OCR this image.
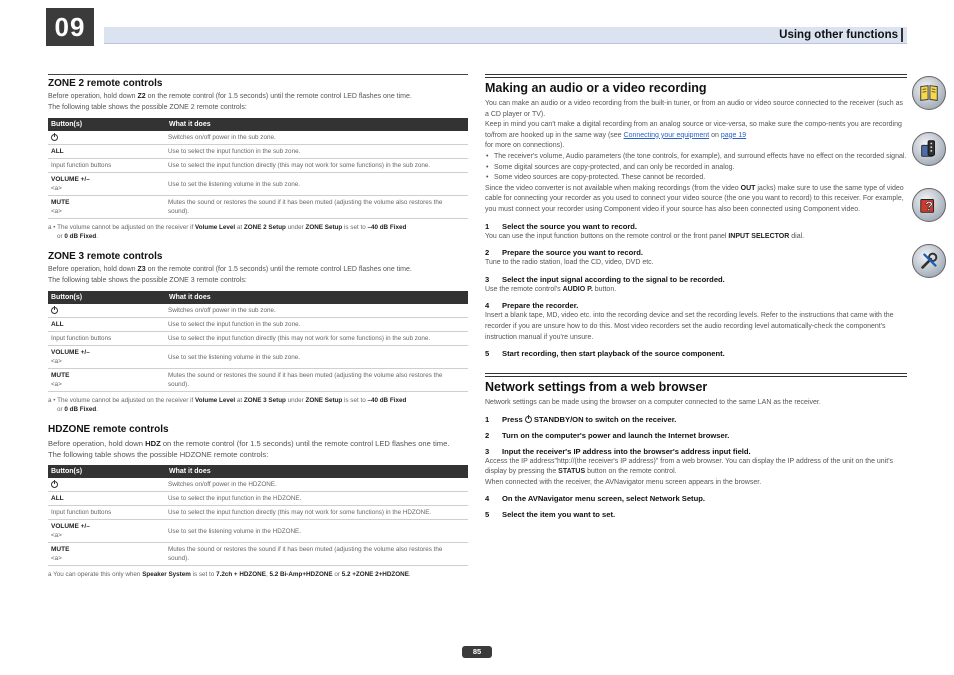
09	Using other functions
ZONE 2 remote controls
Before operation, hold down Z2 on the remote control (for 1.5 seconds) until the remote control LED flashes one time.
The following table shows the possible ZONE 2 remote controls:
Button(s)	What it does
	Switches on/off power in the sub zone.
ALL	Use to select the input function in the sub zone.
Input function buttons	Use to select the input function directly (this may not work for some functions) in the sub zone.
VOLUME +/–
<a>	Use to set the listening volume in the sub zone.
MUTE
<a>	Mutes the sound or restores the sound if it has been muted (adjusting the volume also restores the sound).
a • The volume cannot be adjusted on the receiver if Volume Level at ZONE 2 Setup under ZONE Setup is set to –40 dB Fixed
or 0 dB Fixed.
ZONE 3 remote controls
Before operation, hold down Z3 on the remote control (for 1.5 seconds) until the remote control LED flashes one time.
The following table shows the possible ZONE 3 remote controls:
Button(s)	What it does
	Switches on/off power in the sub zone.
ALL	Use to select the input function in the sub zone.
Input function buttons	Use to select the input function directly (this may not work for some functions) in the sub zone.
VOLUME +/–
<a>	Use to set the listening volume in the sub zone.
MUTE
<a>	Mutes the sound or restores the sound if it has been muted (adjusting the volume also restores the sound).
a • The volume cannot be adjusted on the receiver if Volume Level at ZONE 3 Setup under ZONE Setup is set to –40 dB Fixed
or 0 dB Fixed.
HDZONE remote controls
Before operation, hold down HDZ on the remote control (for 1.5 seconds) until the remote control LED flashes one time.
The following table shows the possible HDZONE remote controls:
Button(s)	What it does
	Switches on/off power in the HDZONE.
ALL	Use to select the input function in the HDZONE.
Input function buttons	Use to select the input function directly (this may not work for some functions) in the HDZONE.
VOLUME +/–
<a>	Use to set the listening volume in the HDZONE.
MUTE
<a>	Mutes the sound or restores the sound if it has been muted (adjusting the volume also restores the sound).
a You can operate this only when Speaker System is set to 7.2ch + HDZONE, 5.2 Bi-Amp+HDZONE or 5.2 +ZONE 2+HDZONE.
Making an audio or a video recording
You can make an audio or a video recording from the built-in tuner, or from an audio or video source connected to the receiver (such as a CD player or TV).
Keep in mind you can't make a digital recording from an analog source or vice-versa, so make sure the compo-nents you are recording to/from are hooked up in the same way (see Connecting your equipment on page 19
for more on connections).
• The receiver's volume, Audio parameters (the tone controls, for example), and surround effects have no effect on the recorded signal.
• Some digital sources are copy-protected, and can only be recorded in analog.
• Some video sources are copy-protected. These cannot be recorded.
Since the video converter is not available when making recordings (from the video OUT jacks) make sure to use the same type of video cable for connecting your recorder as you used to connect your video source (the one you want to record) to this receiver. For example, you must connect your recorder using Component video if your source has also been connected using Component video.
1 Select the source you want to record.
You can use the input function buttons on the remote control or the front panel INPUT SELECTOR dial.
2 Prepare the source you want to record.
Tune to the radio station, load the CD, video, DVD etc.
3 Select the input signal according to the signal to be recorded.
Use the remote control's AUDIO P. button.
4 Prepare the recorder.
Insert a blank tape, MD, video etc. into the recording device and set the recording levels. Refer to the instructions that came with the recorder if you are unsure how to do this. Most video recorders set the audio recording level automatically-check the component's instruction manual if you're unsure.
5 Start recording, then start playback of the source component.
Network settings from a web browser
Network settings can be made using the browser on a computer connected to the same LAN as the receiver.
1 Press  STANDBY/ON to switch on the receiver.
2 Turn on the computer's power and launch the Internet browser.
3 Input the receiver's IP address into the browser's address input field.
Access the IP address"http://(the receiver's IP address)" from a web browser. You can display the IP address of the unit on the unit's display by pressing the STATUS button on the remote control.
When connected with the receiver, the AVNavigator menu screen appears in the browser.
4 On the AVNavigator menu screen, select Network Setup.
5 Select the item you want to set.
?
85
